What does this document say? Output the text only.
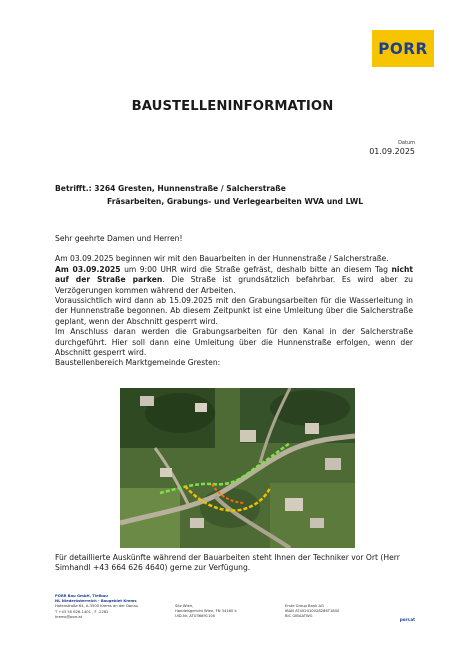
PORR
BAUSTELLENINFORMATION
Datum
01.09.2025
Betrifft.: 3264 Gresten, Hunnenstraße / Salcherstraße
Fräsarbeiten, Grabungs- und Verlegearbeiten WVA und LWL

Sehr geehrte Damen und Herren!

Am 03.09.2025 beginnen wir mit den Bauarbeiten in der Hunnenstraße / Salcherstraße.

Am 03.09.2025 um 9:00 UHR wird die Straße gefräst, deshalb bitte an diesem Tag nicht auf der Straße parken. Die Straße ist grundsätzlich befahrbar. Es wird aber zu Verzögerungen kommen während der Arbeiten.

Voraussichtlich wird dann ab 15.09.2025 mit den Grabungsarbeiten für die Wasserleitung in der Hunnenstraße begonnen. Ab diesem Zeitpunkt ist eine Umleitung über die Salcherstraße geplant, wenn der Abschnitt gesperrt wird.

Im Anschluss daran werden die Grabungsarbeiten für den Kanal in der Salcherstraße durchgeführt. Hier soll dann eine Umleitung über die Hunnenstraße erfolgen, wenn der Abschnitt gesperrt wird.

Baustellenbereich Marktgemeinde Gresten:

Für detaillierte Auskünfte während der Bauarbeiten steht Ihnen der Techniker vor Ort (Herr Simhandl +43 664 626 4640) gerne zur Verfügung.
PORR Bau GmbH, Tiefbau
NL Niederösterreich - Baugebiet Krems
Hafenstraße 64, A-3500 Krems an der Donau
T +43 50 626-1401 , F -2282
krems@porr.at
Sitz Wien,
Handelsgericht Wien, FN 34160 k
UID-Nr. ATU36891100
Erste Group Bank AG
IBAN AT402010028286T1800
BIC GIBAATWG
porr.at
